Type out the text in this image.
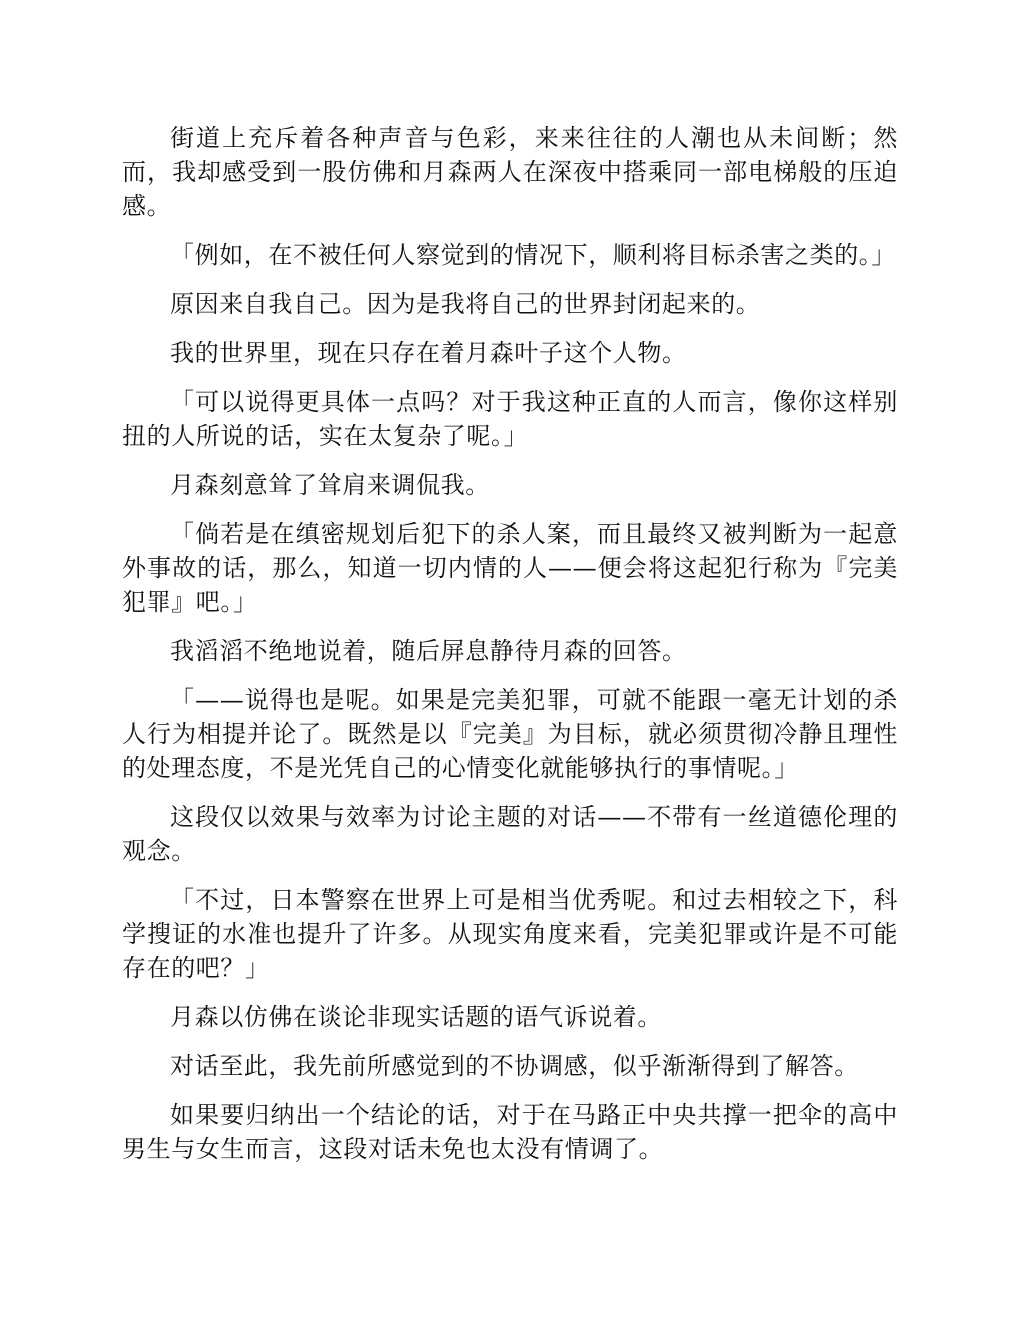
街道上充斥着各种声音与色彩，来来往往的人潮也从未间断；然而，我却感受到一股仿佛和月森两人在深夜中搭乘同一部电梯般的压迫感。

「例如，在不被任何人察觉到的情况下，顺利将目标杀害之类的。」

原因来自我自己。因为是我将自己的世界封闭起来的。

我的世界里，现在只存在着月森叶子这个人物。

「可以说得更具体一点吗？对于我这种正直的人而言，像你这样别扭的人所说的话，实在太复杂了呢。」

月森刻意耸了耸肩来调侃我。

「倘若是在缜密规划后犯下的杀人案，而且最终又被判断为一起意外事故的话，那么，知道一切内情的人——便会将这起犯行称为『完美犯罪』吧。」

我滔滔不绝地说着，随后屏息静待月森的回答。

「——说得也是呢。如果是完美犯罪，可就不能跟一毫无计划的杀人行为相提并论了。既然是以『完美』为目标，就必须贯彻冷静且理性的处理态度，不是光凭自己的心情变化就能够执行的事情呢。」

这段仅以效果与效率为讨论主题的对话——不带有一丝道德伦理的观念。

「不过，日本警察在世界上可是相当优秀呢。和过去相较之下，科学搜证的水准也提升了许多。从现实角度来看，完美犯罪或许是不可能存在的吧？」

月森以仿佛在谈论非现实话题的语气诉说着。

对话至此，我先前所感觉到的不协调感，似乎渐渐得到了解答。

如果要归纳出一个结论的话，对于在马路正中央共撑一把伞的高中男生与女生而言，这段对话未免也太没有情调了。
